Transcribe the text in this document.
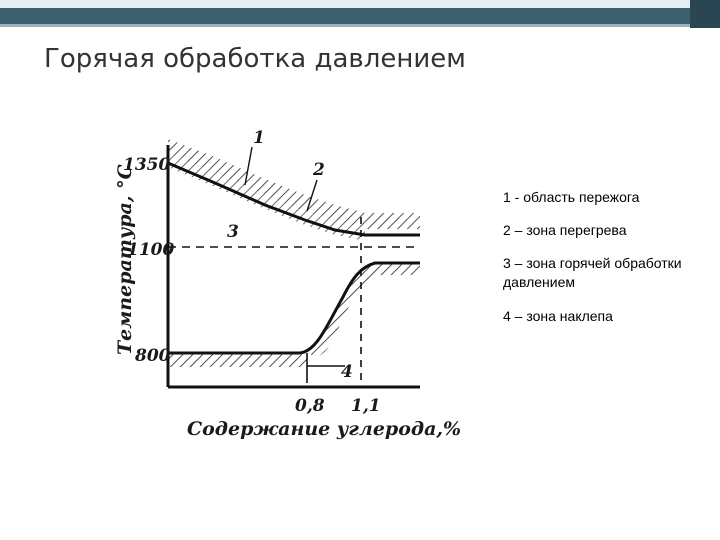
Горячая обработка давлением
1350
1100
800
0,8 1,1
Содержание углерода,%
Температура, °С
1
2
3
4
1 - область пережога
2 – зона перегрева
3 – зона горячей обработки давлением
4 – зона наклепа
